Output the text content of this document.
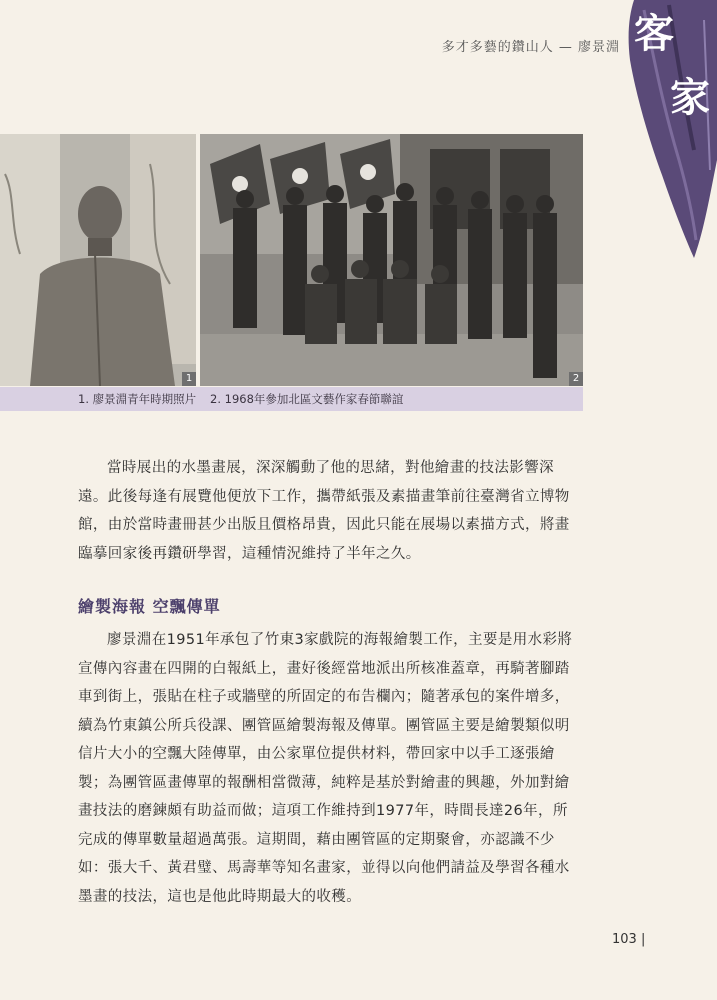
多才多藝的鑽山人 — 廖景淵 客
家
1	2
1. 廖景淵青年時期照片 2. 1968年參加北區文藝作家春節聯誼
當時展出的水墨畫展，深深觸動了他的思緒，對他繪畫的技法影響深遠。此後每逢有展覽他便放下工作，攜帶紙張及素描畫筆前往臺灣省立博物館，由於當時畫冊甚少出版且價格昂貴，因此只能在展場以素描方式，將畫臨摹回家後再鑽研學習，這種情況維持了半年之久。
繪製海報 空飄傳單
廖景淵在1951年承包了竹東3家戲院的海報繪製工作，主要是用水彩將宣傳內容畫在四開的白報紙上，畫好後經當地派出所核准蓋章，再騎著腳踏車到街上，張貼在柱子或牆壁的所固定的布告欄內；隨著承包的案件增多，續為竹東鎮公所兵役課、團管區繪製海報及傳單。團管區主要是繪製類似明信片大小的空飄大陸傳單，由公家單位提供材料，帶回家中以手工逐張繪製；為團管區畫傳單的報酬相當微薄，純粹是基於對繪畫的興趣，外加對繪畫技法的磨鍊頗有助益而做；這項工作維持到1977年，時間長達26年，所完成的傳單數量超過萬張。這期間，藉由團管區的定期聚會，亦認識不少如：張大千、黃君璧、馬壽華等知名畫家，並得以向他們請益及學習各種水墨畫的技法，這也是他此時期最大的收穫。
103 |
